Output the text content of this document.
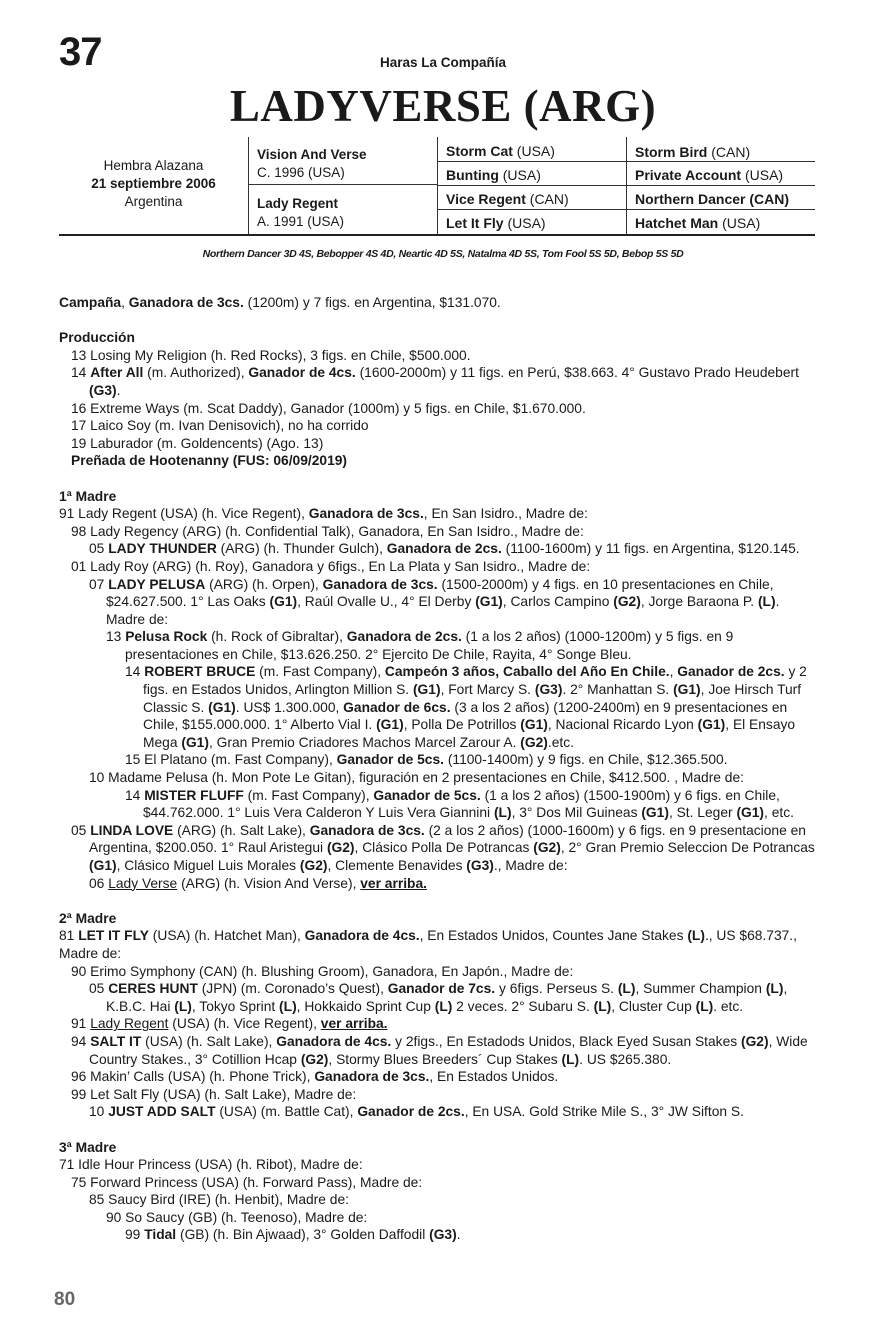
37	Haras La Compañía
LADYVERSE (ARG)
Hembra Alazana
21 septiembre 2006
Argentina
Vision And Verse
C. 1996 (USA)
Lady Regent
A. 1991 (USA)
Storm Cat (USA)
Bunting (USA)
Vice Regent (CAN)
Let It Fly (USA)
Storm Bird (CAN)
Private Account (USA)
Northern Dancer (CAN)
Hatchet Man (USA)
Northern Dancer 3D 4S, Bebopper 4S 4D, Neartic 4D 5S, Natalma 4D 5S, Tom Fool 5S 5D, Bebop 5S 5D

Campaña, Ganadora de 3cs. (1200m) y 7 figs. en Argentina, $131.070.

Producción

13 Losing My Religion (h. Red Rocks), 3 figs. en Chile, $500.000.

14 After All (m. Authorized), Ganador de 4cs. (1600-2000m) y 11 figs. en Perú, $38.663. 4° Gustavo Prado Heudebert (G3).

16 Extreme Ways (m. Scat Daddy), Ganador (1000m) y 5 figs. en Chile, $1.670.000.

17 Laico Soy (m. Ivan Denisovich), no ha corrido

19 Laburador (m. Goldencents) (Ago. 13)

Preñada de Hootenanny (FUS: 06/09/2019)

1ª Madre

91 Lady Regent (USA) (h. Vice Regent), Ganadora de 3cs., En San Isidro., Madre de:

98 Lady Regency (ARG) (h. Confidential Talk), Ganadora, En San Isidro., Madre de:

05 LADY THUNDER (ARG) (h. Thunder Gulch), Ganadora de 2cs. (1100-1600m) y 11 figs. en Argentina, $120.145.

01 Lady Roy (ARG) (h. Roy), Ganadora y 6figs., En La Plata y San Isidro., Madre de:

07 LADY PELUSA (ARG) (h. Orpen), Ganadora de 3cs. (1500-2000m) y 4 figs. en 10 presentaciones en Chile, $24.627.500. 1° Las Oaks (G1), Raúl Ovalle U., 4° El Derby (G1), Carlos Campino (G2), Jorge Baraona P. (L). Madre de:

13 Pelusa Rock (h. Rock of Gibraltar), Ganadora de 2cs. (1 a los 2 años) (1000-1200m) y 5 figs. en 9 presentaciones en Chile, $13.626.250. 2° Ejercito De Chile, Rayita, 4° Songe Bleu.

14 ROBERT BRUCE (m. Fast Company), Campeón 3 años, Caballo del Año En Chile., Ganador de 2cs. y 2 figs. en Estados Unidos, Arlington Million S. (G1), Fort Marcy S. (G3). 2° Manhattan S. (G1), Joe Hirsch Turf Classic S. (G1). US$ 1.300.000, Ganador de 6cs. (3 a los 2 años) (1200-2400m) en 9 presentaciones en Chile, $155.000.000. 1° Alberto Vial I. (G1), Polla De Potrillos (G1), Nacional Ricardo Lyon (G1), El Ensayo Mega (G1), Gran Premio Criadores Machos Marcel Zarour A. (G2).etc.

15 El Platano (m. Fast Company), Ganador de 5cs. (1100-1400m) y 9 figs. en Chile, $12.365.500.

10 Madame Pelusa (h. Mon Pote Le Gitan), figuración en 2 presentaciones en Chile, $412.500. , Madre de:

14 MISTER FLUFF (m. Fast Company), Ganador de 5cs. (1 a los 2 años) (1500-1900m) y 6 figs. en Chile, $44.762.000. 1° Luis Vera Calderon Y Luis Vera Giannini (L), 3° Dos Mil Guineas (G1), St. Leger (G1), etc.

05 LINDA LOVE (ARG) (h. Salt Lake), Ganadora de 3cs. (2 a los 2 años) (1000-1600m) y 6 figs. en 9 presentacione en Argentina, $200.050. 1° Raul Aristegui (G2), Clásico Polla De Potrancas (G2), 2° Gran Premio Seleccion De Potrancas (G1), Clásico Miguel Luis Morales (G2), Clemente Benavides (G3)., Madre de:

06 Lady Verse (ARG) (h. Vision And Verse), ver arriba.

2ª Madre

81 LET IT FLY (USA) (h. Hatchet Man), Ganadora de 4cs., En Estados Unidos, Countes Jane Stakes (L)., US $68.737., Madre de:

90 Erimo Symphony (CAN) (h. Blushing Groom), Ganadora, En Japón., Madre de:

05 CERES HUNT (JPN) (m. Coronado’s Quest), Ganador de 7cs. y 6figs. Perseus S. (L), Summer Champion (L), K.B.C. Hai (L), Tokyo Sprint (L), Hokkaido Sprint Cup (L) 2 veces. 2° Subaru S. (L), Cluster Cup (L). etc.

91 Lady Regent (USA) (h. Vice Regent), ver arriba.

94 SALT IT (USA) (h. Salt Lake), Ganadora de 4cs. y 2figs., En Estadods Unidos, Black Eyed Susan Stakes (G2), Wide Country Stakes., 3° Cotillion Hcap (G2), Stormy Blues Breeders´ Cup Stakes (L). US $265.380.

96 Makin’ Calls (USA) (h. Phone Trick), Ganadora de 3cs., En Estados Unidos.

99 Let Salt Fly (USA) (h. Salt Lake), Madre de:

10 JUST ADD SALT (USA) (m. Battle Cat), Ganador de 2cs., En USA. Gold Strike Mile S., 3° JW Sifton S.

3ª Madre

71 Idle Hour Princess (USA) (h. Ribot), Madre de:

75 Forward Princess (USA) (h. Forward Pass), Madre de:

85 Saucy Bird (IRE) (h. Henbit), Madre de:

90 So Saucy (GB) (h. Teenoso), Madre de:

99 Tidal (GB) (h. Bin Ajwaad), 3° Golden Daffodil (G3).

80
